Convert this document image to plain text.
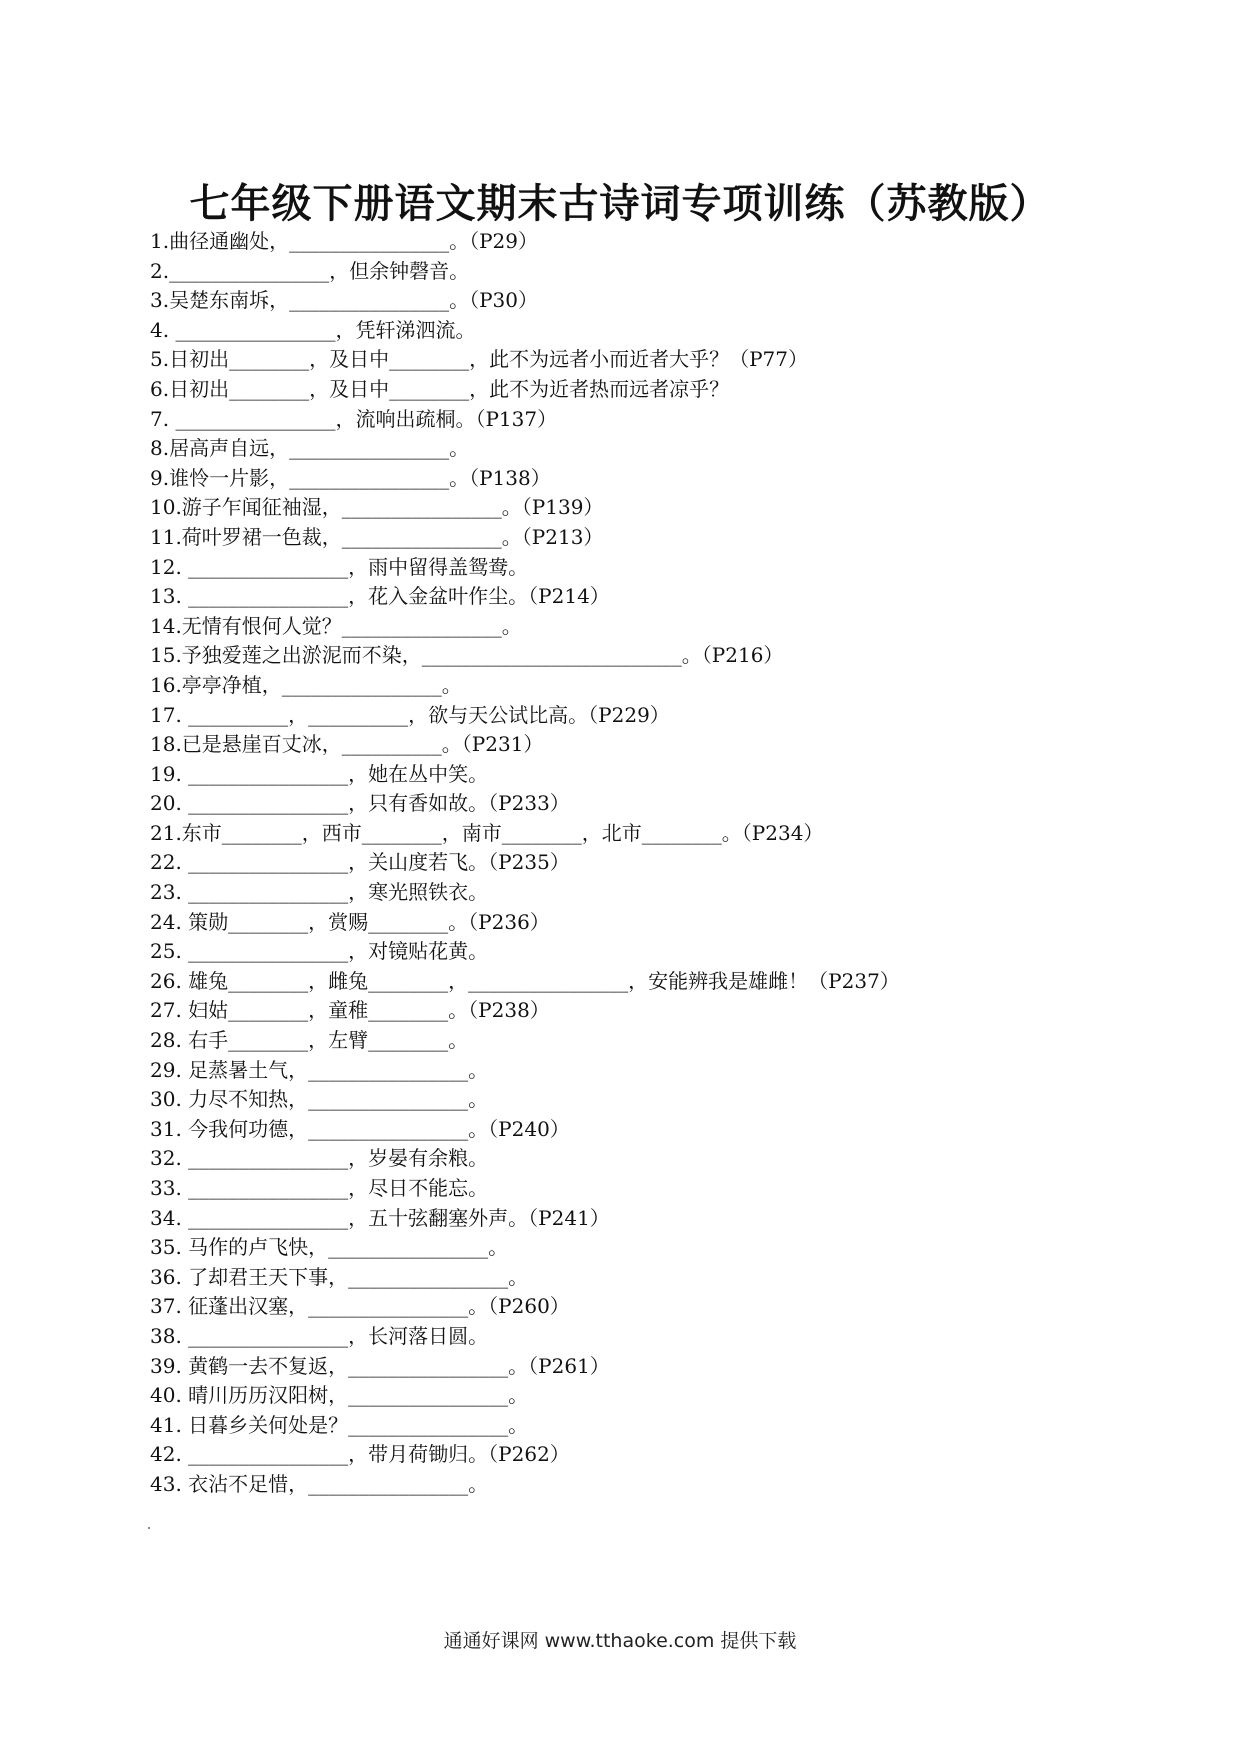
七年级下册语文期末古诗词专项训练（苏教版）
1.曲径通幽处，________________。（P29）
2.________________，但余钟磬音。
3.吴楚东南坼，________________。（P30）
4. ________________，凭轩涕泗流。
5.日初出________，及日中________，此不为远者小而近者大乎？（P77）
6.日初出________，及日中________，此不为近者热而远者凉乎？
7. ________________，流响出疏桐。（P137）
8.居高声自远，________________。
9.谁怜一片影，________________。（P138）
10.游子乍闻征袖湿，________________。（P139）
11.荷叶罗裙一色裁，________________。（P213）
12. ________________，雨中留得盖鸳鸯。
13. ________________，花入金盆叶作尘。（P214）
14.无情有恨何人觉？________________。
15.予独爱莲之出淤泥而不染，__________________________。（P216）
16.亭亭净植，________________。
17. __________，__________，欲与天公试比高。（P229）
18.已是悬崖百丈冰，__________。（P231）
19. ________________，她在丛中笑。
20. ________________，只有香如故。（P233）
21.东市________，西市________，南市________，北市________。（P234）
22. ________________，关山度若飞。（P235）
23. ________________，寒光照铁衣。
24. 策勋________，赏赐________。（P236）
25. ________________，对镜贴花黄。
26. 雄兔________，雌兔________，________________，安能辨我是雄雌！（P237）
27. 妇姑________，童稚________。（P238）
28. 右手________，左臂________。
29. 足蒸暑土气，________________。
30. 力尽不知热，________________。
31. 今我何功德，________________。（P240）
32. ________________，岁晏有余粮。
33. ________________，尽日不能忘。
34. ________________，五十弦翻塞外声。（P241）
35. 马作的卢飞快，________________。
36. 了却君王天下事，________________。
37. 征蓬出汉塞，________________。（P260）
38. ________________，长河落日圆。
39. 黄鹤一去不复返，________________。（P261）
40. 晴川历历汉阳树，________________。
41. 日暮乡关何处是？________________。
42. ________________，带月荷锄归。（P262）
43. 衣沾不足惜，________________。
通通好课网 www.tthaoke.com 提供下载
